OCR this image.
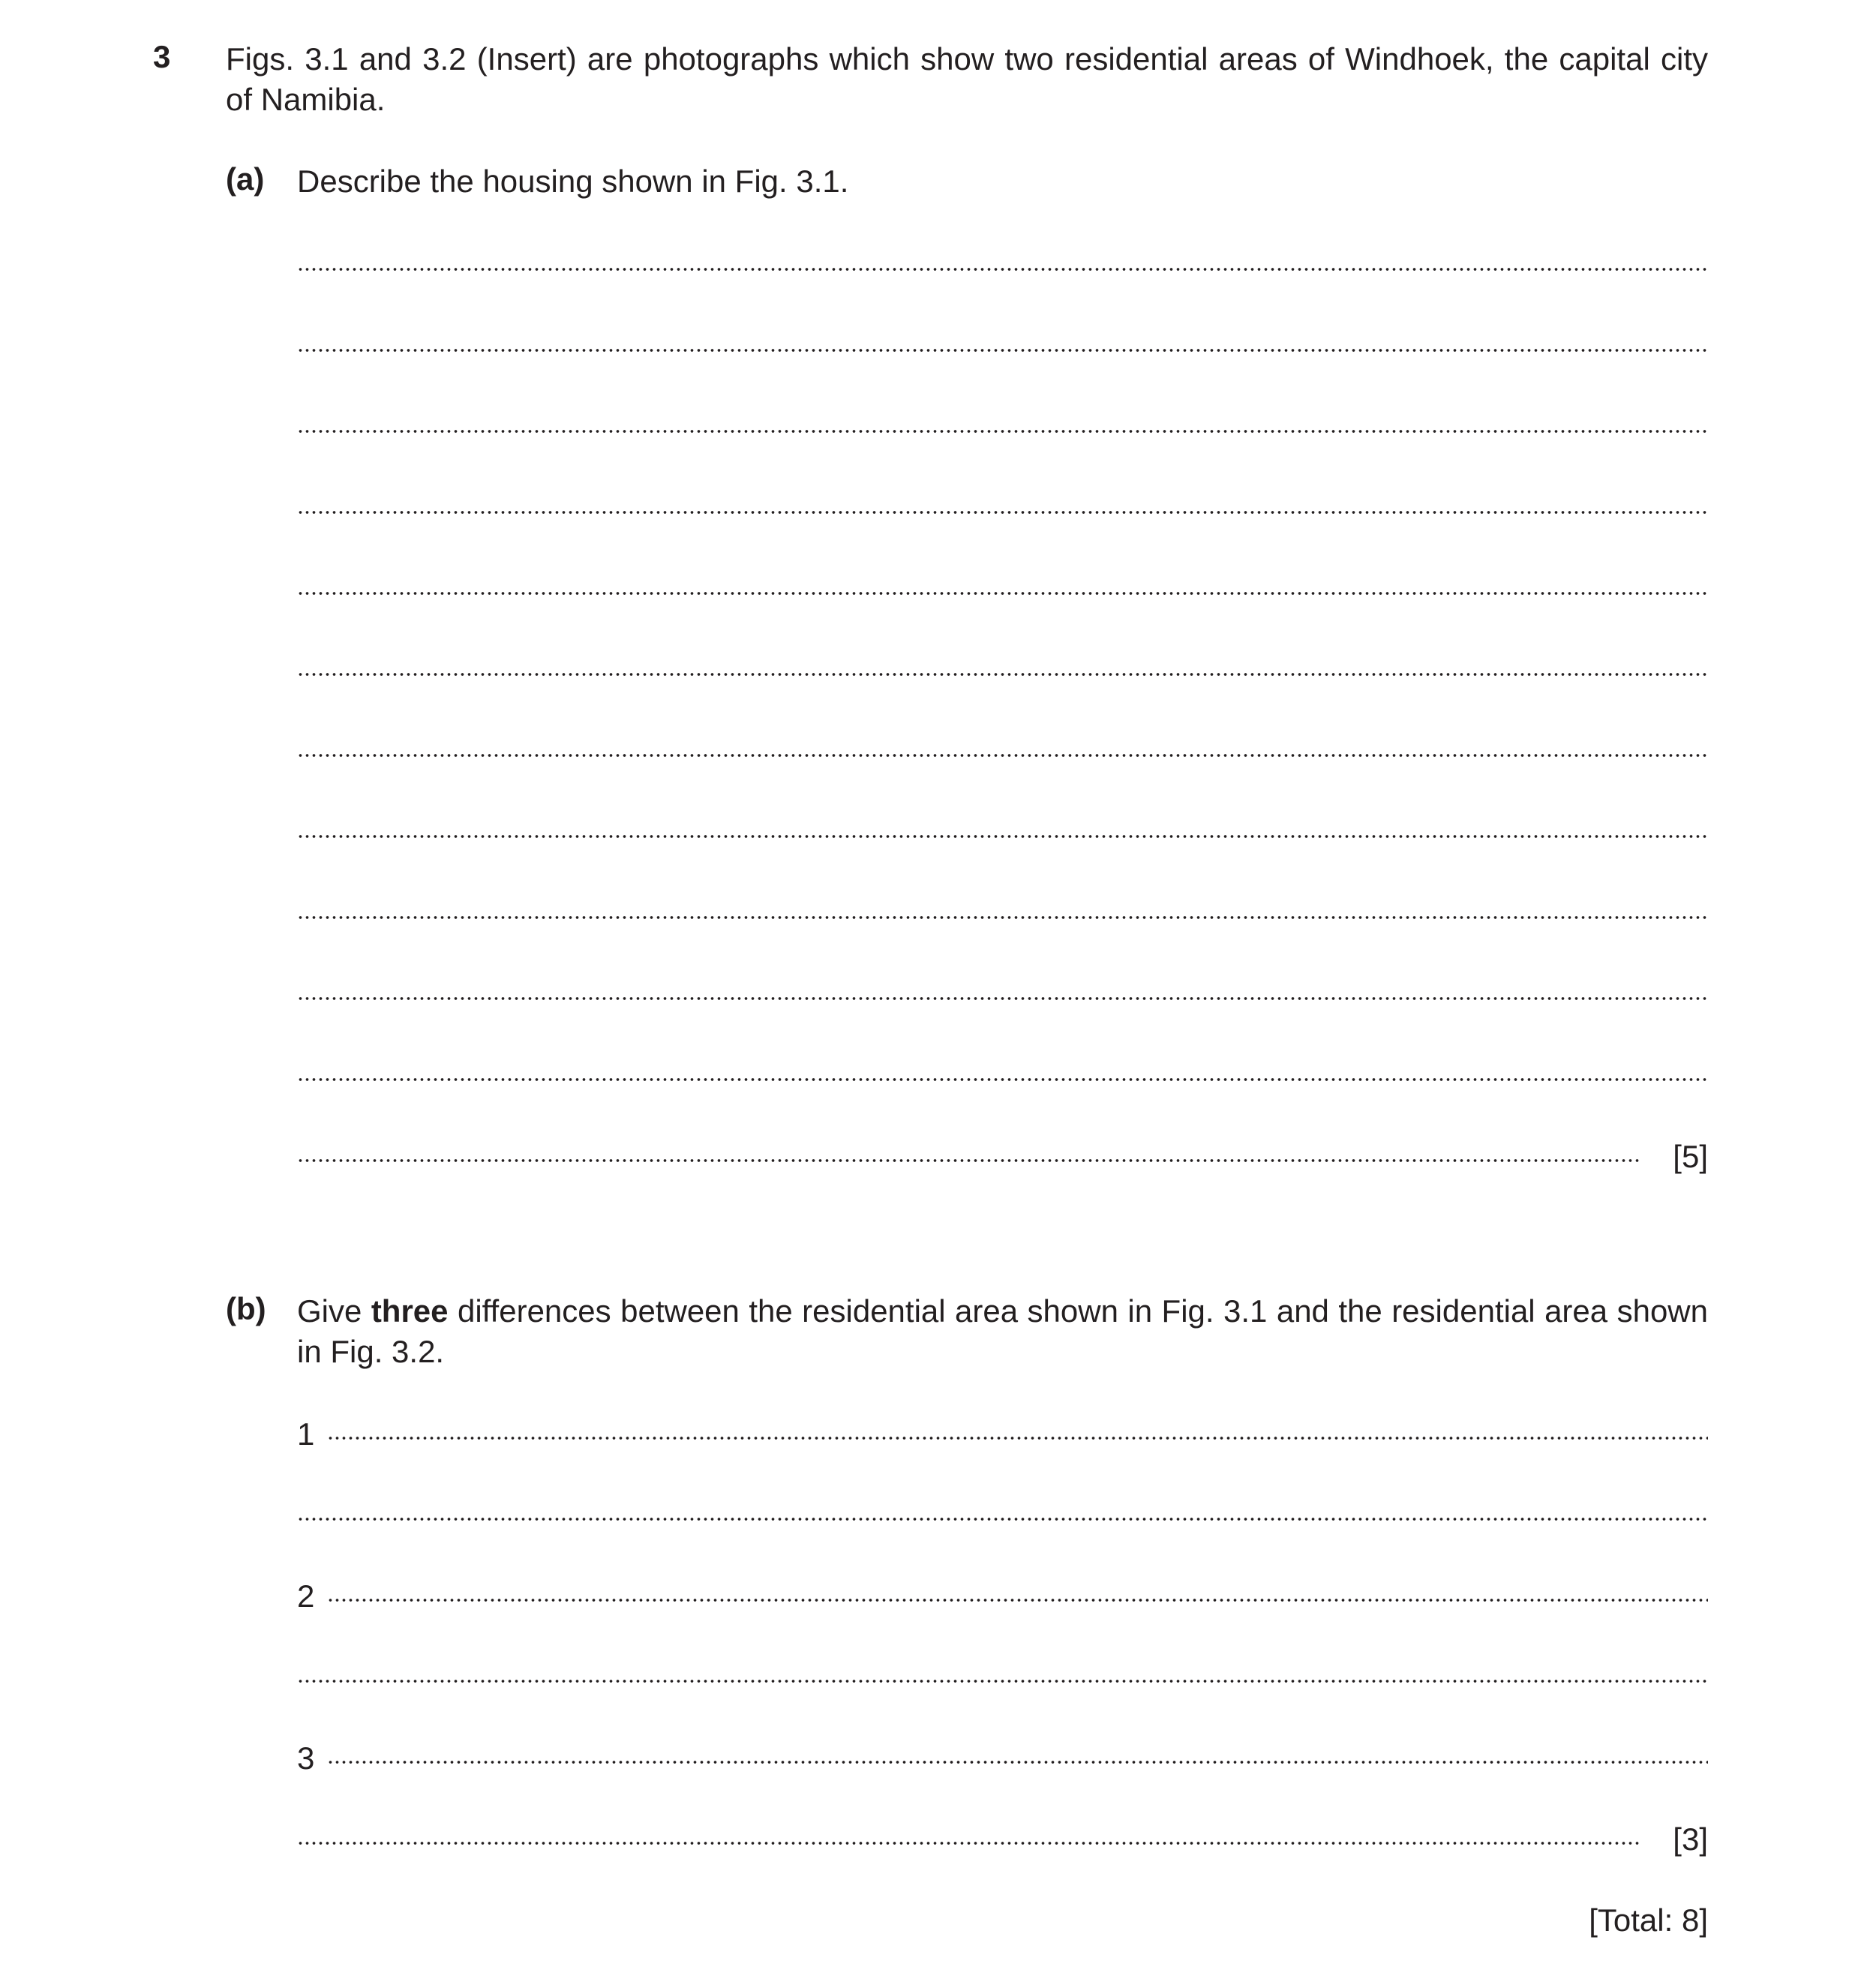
3 Figs. 3.1 and 3.2 (Insert) are photographs which show two residential areas of Windhoek, the capital city of Namibia.
(a) Describe the housing shown in Fig. 3.1.
[5]
(b) Give three differences between the residential area shown in Fig. 3.1 and the residential area shown in Fig. 3.2.
1
2
3
[3]
[Total: 8]
